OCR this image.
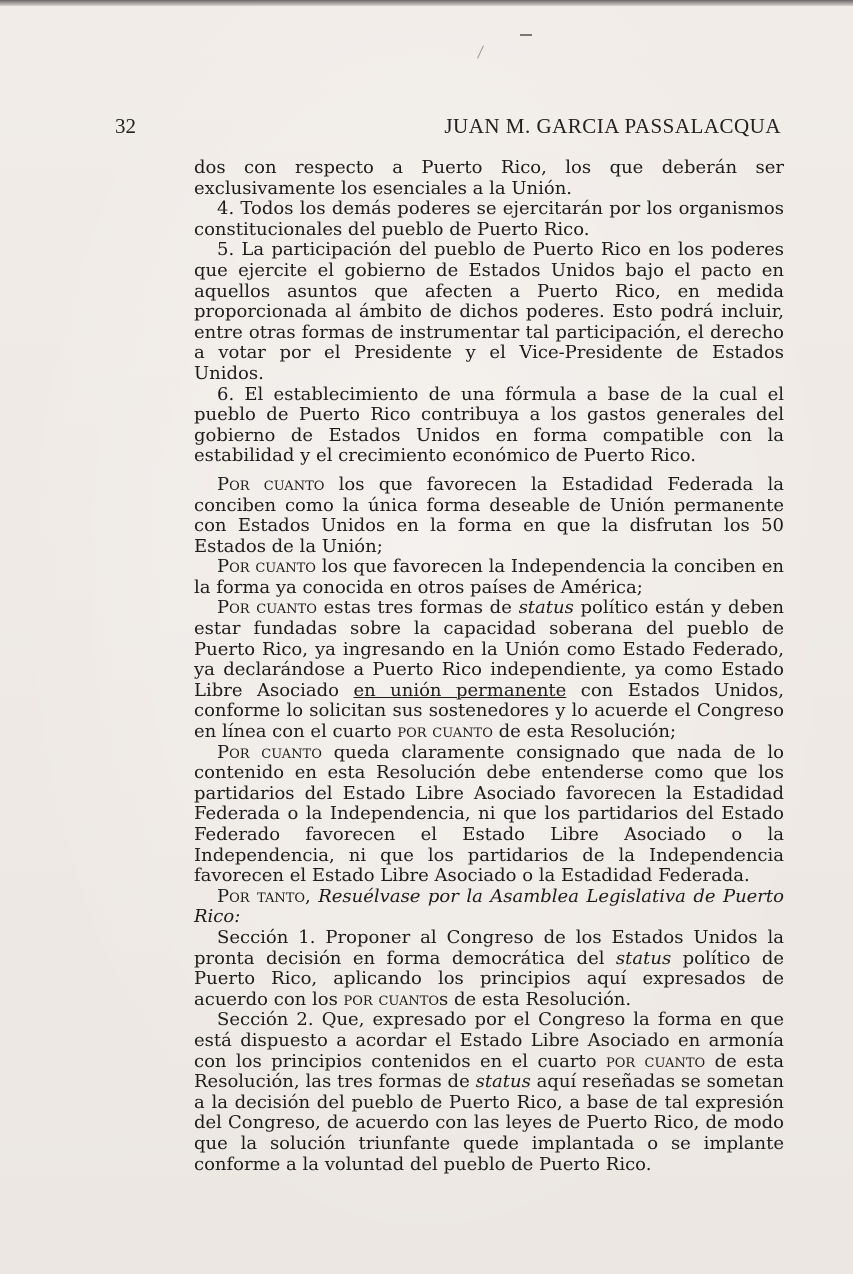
32	JUAN M. GARCIA PASSALACQUA

dos con respecto a Puerto Rico, los que deberán ser exclusivamente los esenciales a la Unión.

4. Todos los demás poderes se ejercitarán por los organismos constitucionales del pueblo de Puerto Rico.

5. La participación del pueblo de Puerto Rico en los poderes que ejercite el gobierno de Estados Unidos bajo el pacto en aquellos asuntos que afecten a Puerto Rico, en medida proporcionada al ámbito de dichos poderes. Esto podrá incluir, entre otras formas de instrumentar tal participación, el derecho a votar por el Presidente y el Vice-Presidente de Estados Unidos.

6. El establecimiento de una fórmula a base de la cual el pueblo de Puerto Rico contribuya a los gastos generales del gobierno de Estados Unidos en forma compatible con la estabilidad y el crecimiento económico de Puerto Rico.

Por cuanto los que favorecen la Estadidad Federada la conciben como la única forma deseable de Unión permanente con Estados Unidos en la forma en que la disfrutan los 50 Estados de la Unión;

Por cuanto los que favorecen la Independencia la conciben en la forma ya conocida en otros países de América;

Por cuanto estas tres formas de status político están y deben estar fundadas sobre la capacidad soberana del pueblo de Puerto Rico, ya ingresando en la Unión como Estado Federado, ya declarándose a Puerto Rico independiente, ya como Estado Libre Asociado en unión permanente con Estados Unidos, conforme lo solicitan sus sostenedores y lo acuerde el Congreso en línea con el cuarto por cuanto de esta Resolución;

Por cuanto queda claramente consignado que nada de lo contenido en esta Resolución debe entenderse como que los partidarios del Estado Libre Asociado favorecen la Estadidad Federada o la Independencia, ni que los partidarios del Estado Federado favorecen el Estado Libre Asociado o la Independencia, ni que los partidarios de la Independencia favorecen el Estado Libre Asociado o la Estadidad Federada.

Por tanto, Resuélvase por la Asamblea Legislativa de Puerto Rico:

Sección 1. Proponer al Congreso de los Estados Unidos la pronta decisión en forma democrática del status político de Puerto Rico, aplicando los principios aquí expresados de acuerdo con los por cuantos de esta Resolución.

Sección 2. Que, expresado por el Congreso la forma en que está dispuesto a acordar el Estado Libre Asociado en armonía con los principios contenidos en el cuarto por cuanto de esta Resolución, las tres formas de status aquí reseñadas se sometan a la decisión del pueblo de Puerto Rico, a base de tal expresión del Congreso, de acuerdo con las leyes de Puerto Rico, de modo que la solución triunfante quede implantada o se implante conforme a la voluntad del pueblo de Puerto Rico.
